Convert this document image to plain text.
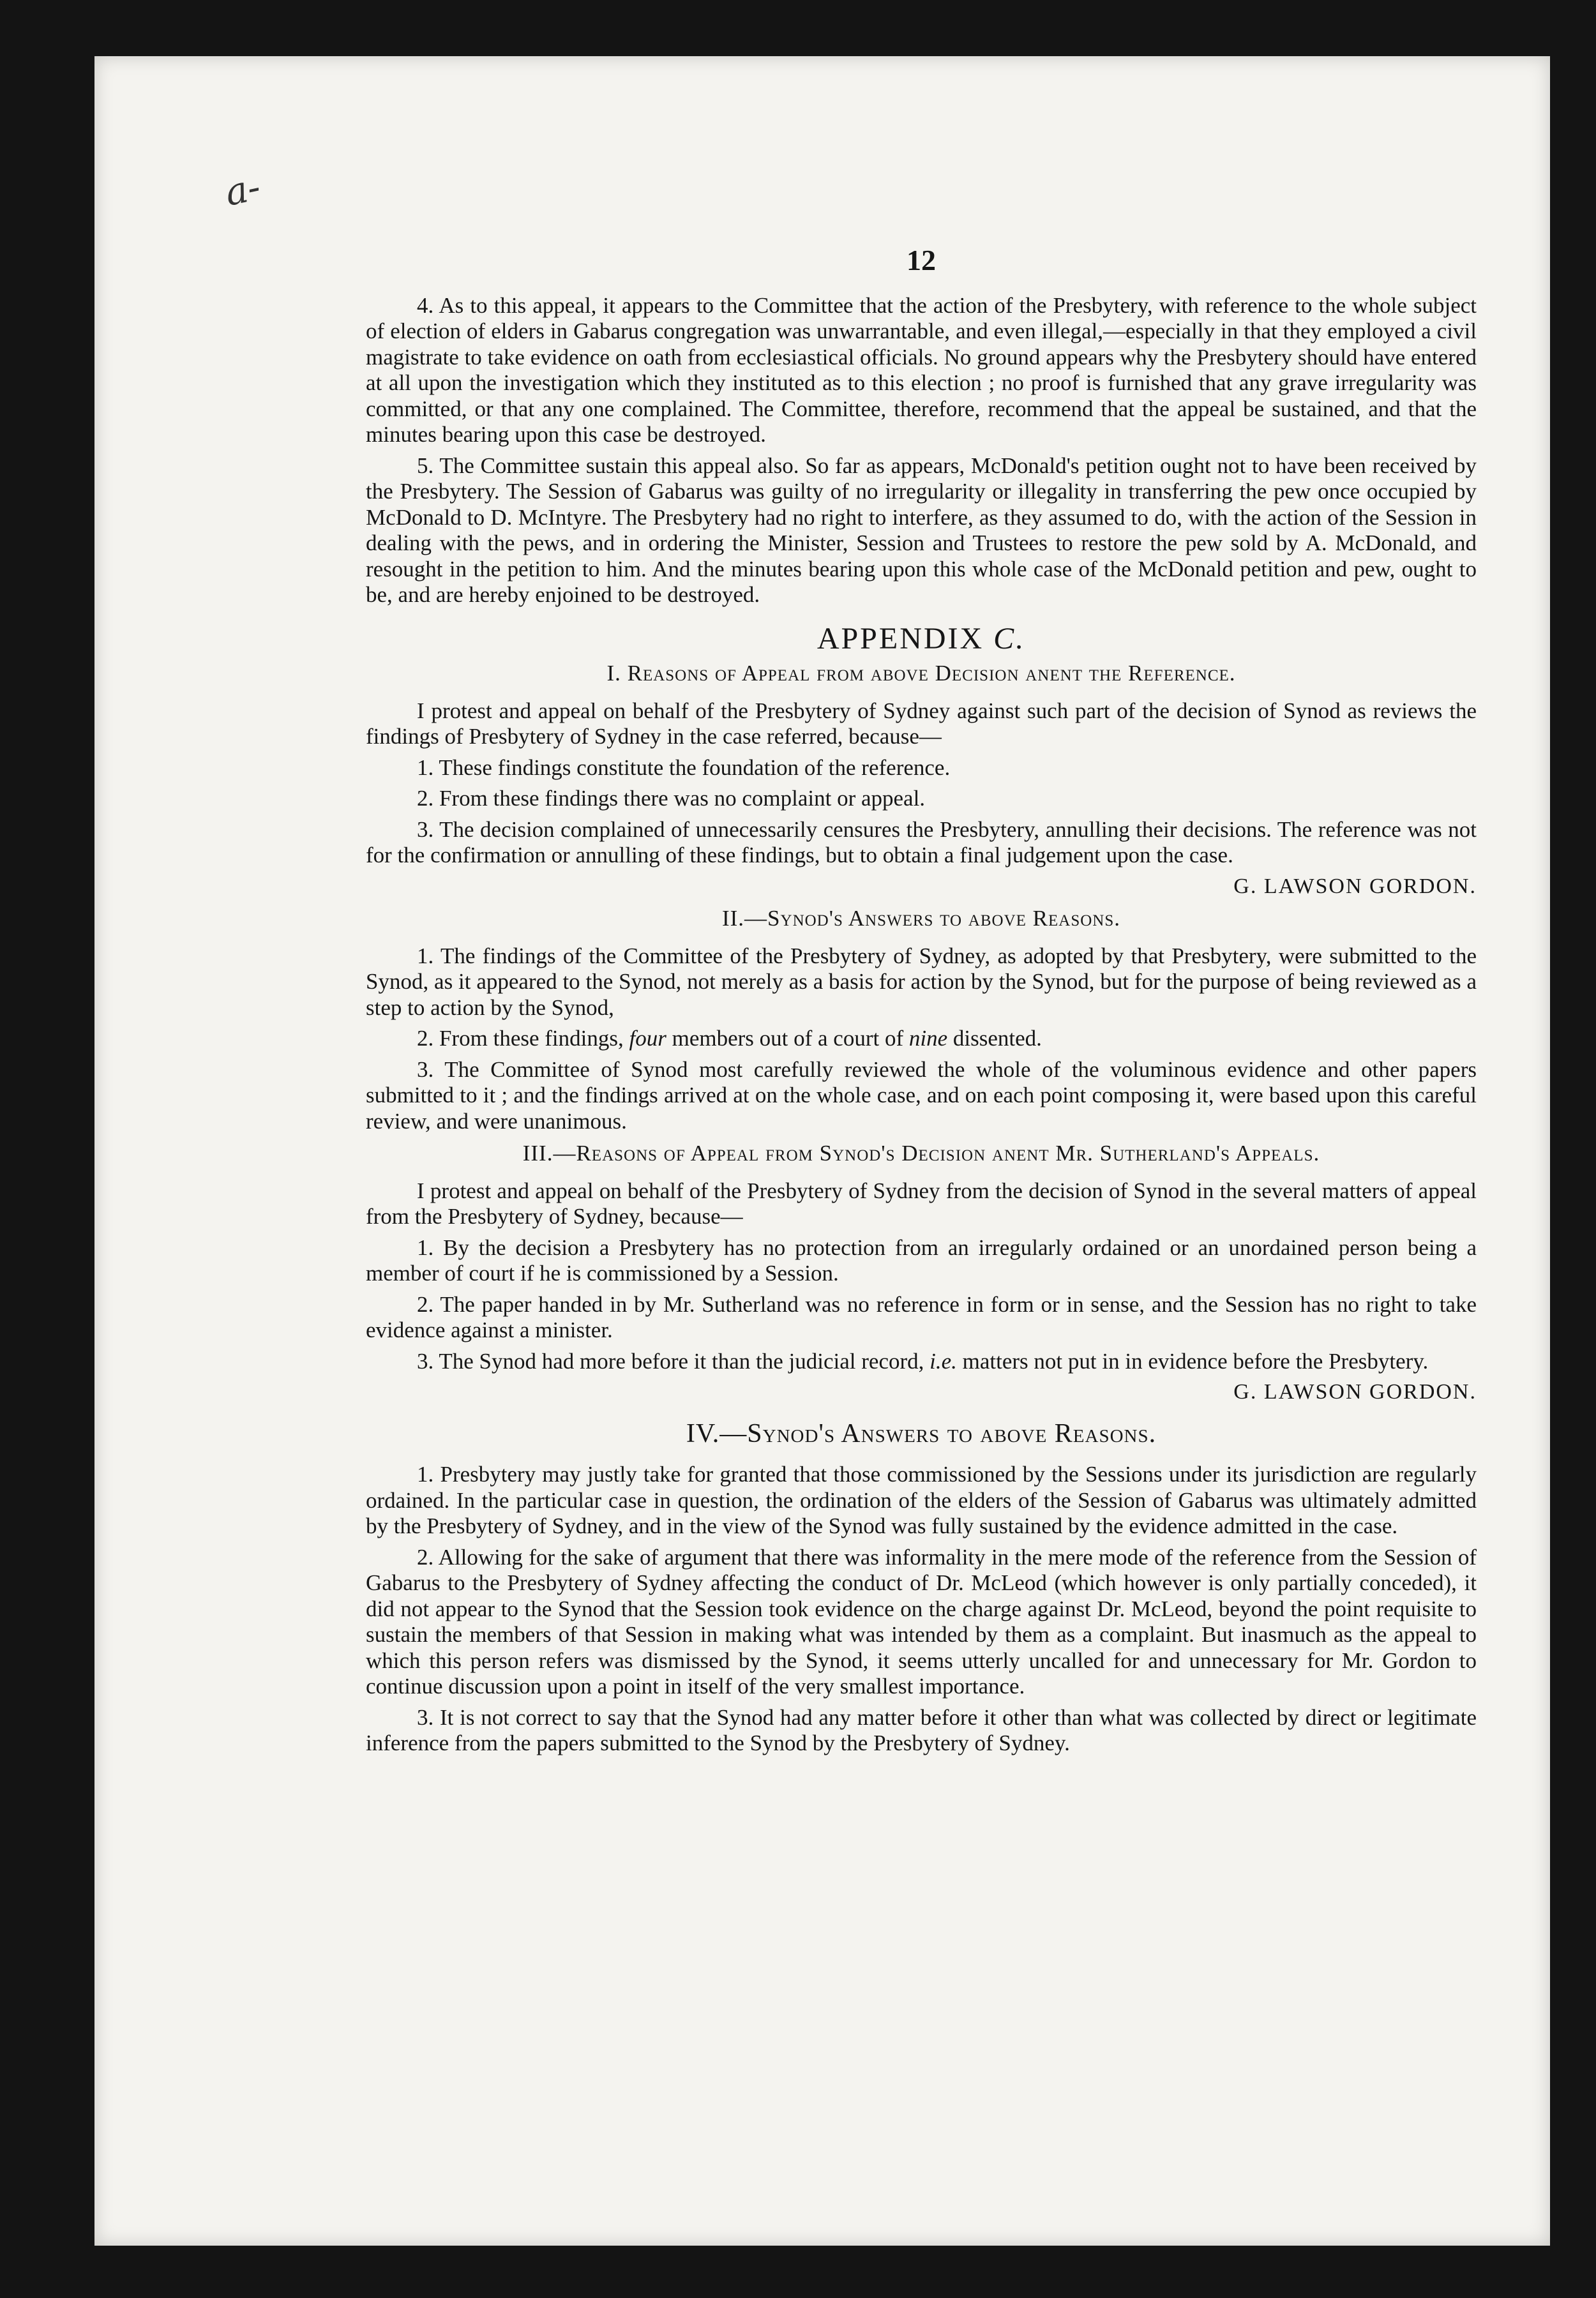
a-
12

4. As to this appeal, it appears to the Committee that the action of the Presbytery, with reference to the whole subject of election of elders in Gabarus congregation was unwarrantable, and even illegal,—especially in that they employed a civil magistrate to take evidence on oath from ecclesiastical officials. No ground appears why the Presbytery should have entered at all upon the investigation which they instituted as to this election ; no proof is furnished that any grave irregularity was committed, or that any one complained. The Committee, therefore, recommend that the appeal be sustained, and that the minutes bearing upon this case be destroyed.

5. The Committee sustain this appeal also. So far as appears, McDonald's petition ought not to have been received by the Presbytery. The Session of Gabarus was guilty of no irregularity or illegality in transferring the pew once occupied by McDonald to D. McIntyre. The Presbytery had no right to interfere, as they assumed to do, with the action of the Session in dealing with the pews, and in ordering the Minister, Session and Trustees to restore the pew sold by A. McDonald, and resought in the petition to him. And the minutes bearing upon this whole case of the McDonald petition and pew, ought to be, and are hereby enjoined to be destroyed.

APPENDIX C.
I. Reasons of Appeal from above Decision anent the Reference.

I protest and appeal on behalf of the Presbytery of Sydney against such part of the decision of Synod as reviews the findings of Presbytery of Sydney in the case referred, because—

1. These findings constitute the foundation of the reference.

2. From these findings there was no complaint or appeal.

3. The decision complained of unnecessarily censures the Presbytery, annulling their decisions. The reference was not for the confirmation or annulling of these findings, but to obtain a final judgement upon the case.

G. LAWSON GORDON.
II.—Synod's Answers to above Reasons.

1. The findings of the Committee of the Presbytery of Sydney, as adopted by that Presbytery, were submitted to the Synod, as it appeared to the Synod, not merely as a basis for action by the Synod, but for the purpose of being reviewed as a step to action by the Synod,

2. From these findings, four members out of a court of nine dissented.

3. The Committee of Synod most carefully reviewed the whole of the voluminous evidence and other papers submitted to it ; and the findings arrived at on the whole case, and on each point composing it, were based upon this careful review, and were unanimous.

III.—Reasons of Appeal from Synod's Decision anent Mr. Sutherland's Appeals.

I protest and appeal on behalf of the Presbytery of Sydney from the decision of Synod in the several matters of appeal from the Presbytery of Sydney, because—

1. By the decision a Presbytery has no protection from an irregularly ordained or an unordained person being a member of court if he is commissioned by a Session.

2. The paper handed in by Mr. Sutherland was no reference in form or in sense, and the Session has no right to take evidence against a minister.

3. The Synod had more before it than the judicial record, i.e. matters not put in in evidence before the Presbytery.

G. LAWSON GORDON.
IV.—Synod's Answers to above Reasons.

1. Presbytery may justly take for granted that those commissioned by the Sessions under its jurisdiction are regularly ordained. In the particular case in question, the ordination of the elders of the Session of Gabarus was ultimately admitted by the Presbytery of Sydney, and in the view of the Synod was fully sustained by the evidence admitted in the case.

2. Allowing for the sake of argument that there was informality in the mere mode of the reference from the Session of Gabarus to the Presbytery of Sydney affecting the conduct of Dr. McLeod (which however is only partially conceded), it did not appear to the Synod that the Session took evidence on the charge against Dr. McLeod, beyond the point requisite to sustain the members of that Session in making what was intended by them as a complaint. But inasmuch as the appeal to which this person refers was dismissed by the Synod, it seems utterly uncalled for and unnecessary for Mr. Gordon to continue discussion upon a point in itself of the very smallest importance.

3. It is not correct to say that the Synod had any matter before it other than what was collected by direct or legitimate inference from the papers submitted to the Synod by the Presbytery of Sydney.
